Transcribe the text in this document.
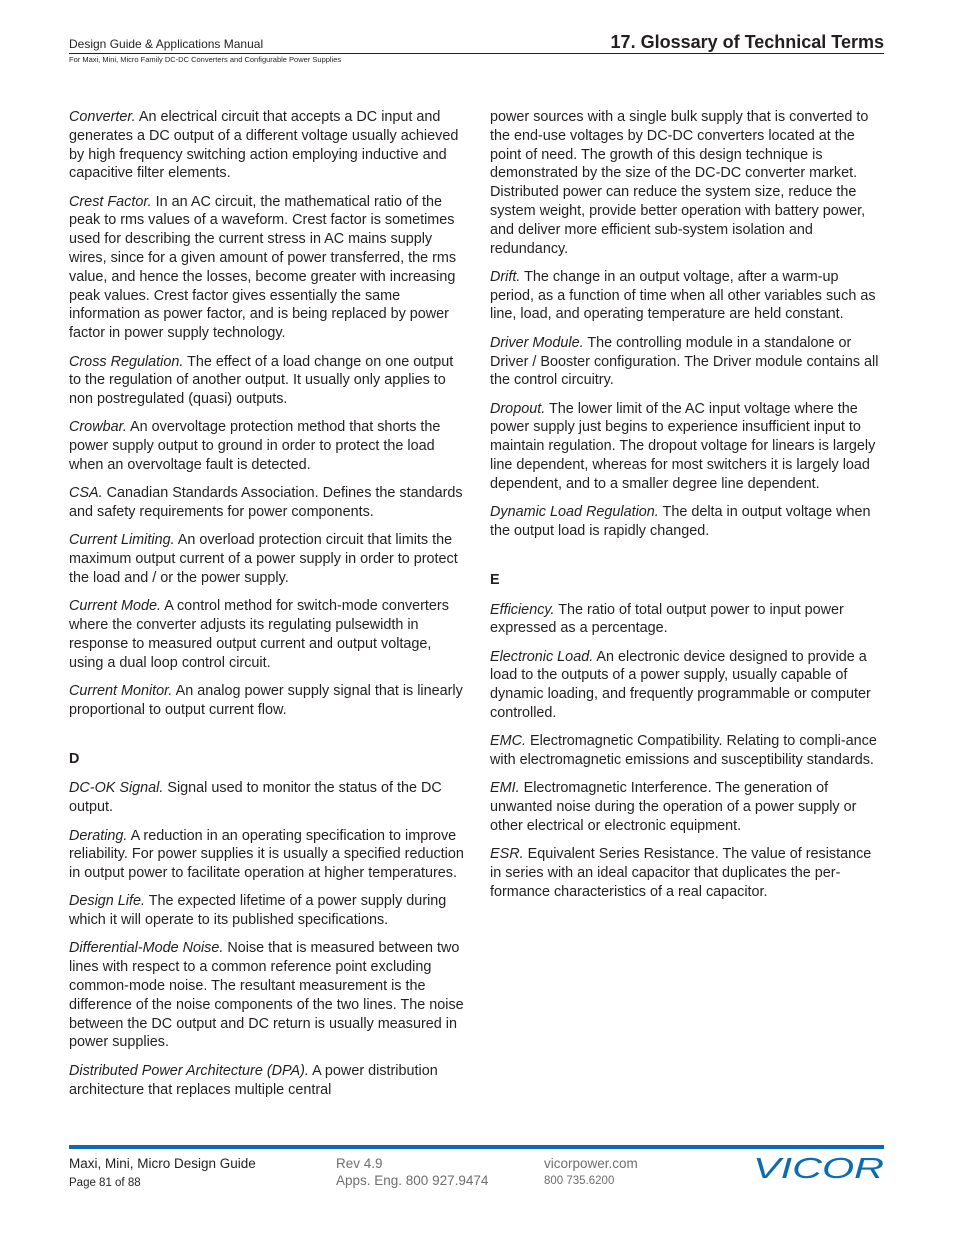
Design Guide & Applications Manual
For Maxi, Mini, Micro Family DC-DC Converters and Configurable Power Supplies
17. Glossary of Technical Terms

Converter. An electrical circuit that accepts a DC input and generates a DC output of a different voltage usually achieved by high frequency switching action employing inductive and capacitive filter elements.

Crest Factor. In an AC circuit, the mathematical ratio of the peak to rms values of a waveform. Crest factor is sometimes used for describing the current stress in AC mains supply wires, since for a given amount of power transferred, the rms value, and hence the losses, become greater with increasing peak values. Crest factor gives essentially the same information as power factor, and is being replaced by power factor in power supply technology.

Cross Regulation. The effect of a load change on one output to the regulation of another output. It usually only applies to non postregulated (quasi) outputs.

Crowbar. An overvoltage protection method that shorts the power supply output to ground in order to protect the load when an overvoltage fault is detected.

CSA. Canadian Standards Association. Defines the standards and safety requirements for power components.

Current Limiting. An overload protection circuit that limits the maximum output current of a power supply in order to protect the load and / or the power supply.

Current Mode. A control method for switch-mode converters where the converter adjusts its regulating pulsewidth in response to measured output current and output voltage, using a dual loop control circuit.

Current Monitor. An analog power supply signal that is linearly proportional to output current flow.

D

DC-OK Signal. Signal used to monitor the status of the DC output.

Derating. A reduction in an operating specification to improve reliability. For power supplies it is usually a specified reduction in output power to facilitate operation at higher temperatures.

Design Life. The expected lifetime of a power supply during which it will operate to its published specifications.

Differential-Mode Noise. Noise that is measured between two lines with respect to a common reference point excluding common-mode noise. The resultant measurement is the difference of the noise components of the two lines. The noise between the DC output and DC return is usually measured in power supplies.

Distributed Power Architecture (DPA). A power distribution architecture that replaces multiple central

power sources with a single bulk supply that is converted to the end-use voltages by DC-DC converters located at the point of need. The growth of this design technique is demonstrated by the size of the DC-DC converter market. Distributed power can reduce the system size, reduce the system weight, provide better operation with battery power, and deliver more efficient sub-system isolation and redundancy.

Drift. The change in an output voltage, after a warm-up period, as a function of time when all other variables such as line, load, and operating temperature are held constant.

Driver Module. The controlling module in a standalone or Driver / Booster configuration. The Driver module contains all the control circuitry.

Dropout. The lower limit of the AC input voltage where the power supply just begins to experience insufficient input to maintain regulation. The dropout voltage for linears is largely line dependent, whereas for most switchers it is largely load dependent, and to a smaller degree line dependent.

Dynamic Load Regulation. The delta in output voltage when the output load is rapidly changed.

E

Efficiency. The ratio of total output power to input power expressed as a percentage.

Electronic Load. An electronic device designed to provide a load to the outputs of a power supply, usually capable of dynamic loading, and frequently programmable or computer controlled.

EMC. Electromagnetic Compatibility. Relating to compli-ance with electromagnetic emissions and susceptibility standards.

EMI. Electromagnetic Interference. The generation of unwanted noise during the operation of a power supply or other electrical or electronic equipment.

ESR. Equivalent Series Resistance. The value of resistance in series with an ideal capacitor that duplicates the per-formance characteristics of a real capacitor.

Maxi, Mini, Micro Design Guide
Page 81 of 88
Rev 4.9
Apps. Eng. 800 927.9474
vicorpower.com
800 735.6200	VICOR
